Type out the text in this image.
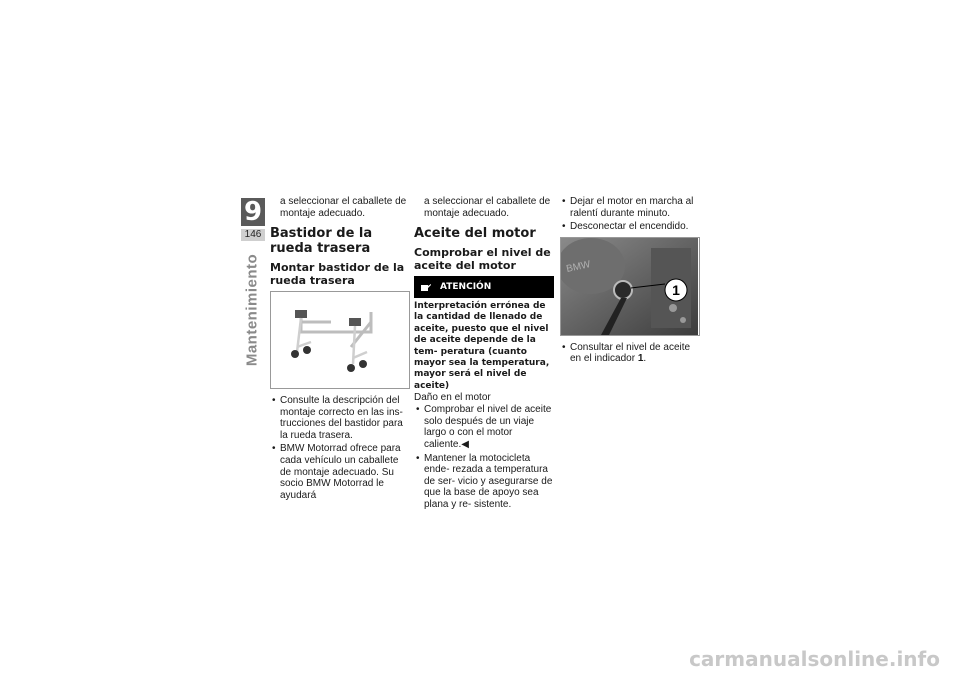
9
146
Mantenimiento

a seleccionar el caballete de montaje adecuado.

Bastidor de la rueda trasera
Montar bastidor de la rueda trasera
• Consulte la descripción del montaje correcto en las ins- trucciones del bastidor para la rueda trasera.
• BMW Motorrad ofrece para cada vehículo un caballete de montaje adecuado. Su socio BMW Motorrad le ayudará

a seleccionar el caballete de montaje adecuado.

Aceite del motor
Comprobar el nivel de aceite del motor
ATENCIÓN
Interpretación errónea de la cantidad de llenado de aceite, puesto que el nivel de aceite depende de la tem- peratura (cuanto mayor sea la temperatura, mayor será el nivel de aceite)
Daño en el motor
• Comprobar el nivel de aceite solo después de un viaje largo o con el motor caliente.◀
• Mantener la motocicleta ende- rezada a temperatura de ser- vicio y asegurarse de que la base de apoyo sea plana y re- sistente.
• Dejar el motor en marcha al ralentí durante minuto.
• Desconectar el encendido.
1
BMW
• Consultar el nivel de aceite en el indicador 1.
carmanualsonline.info
